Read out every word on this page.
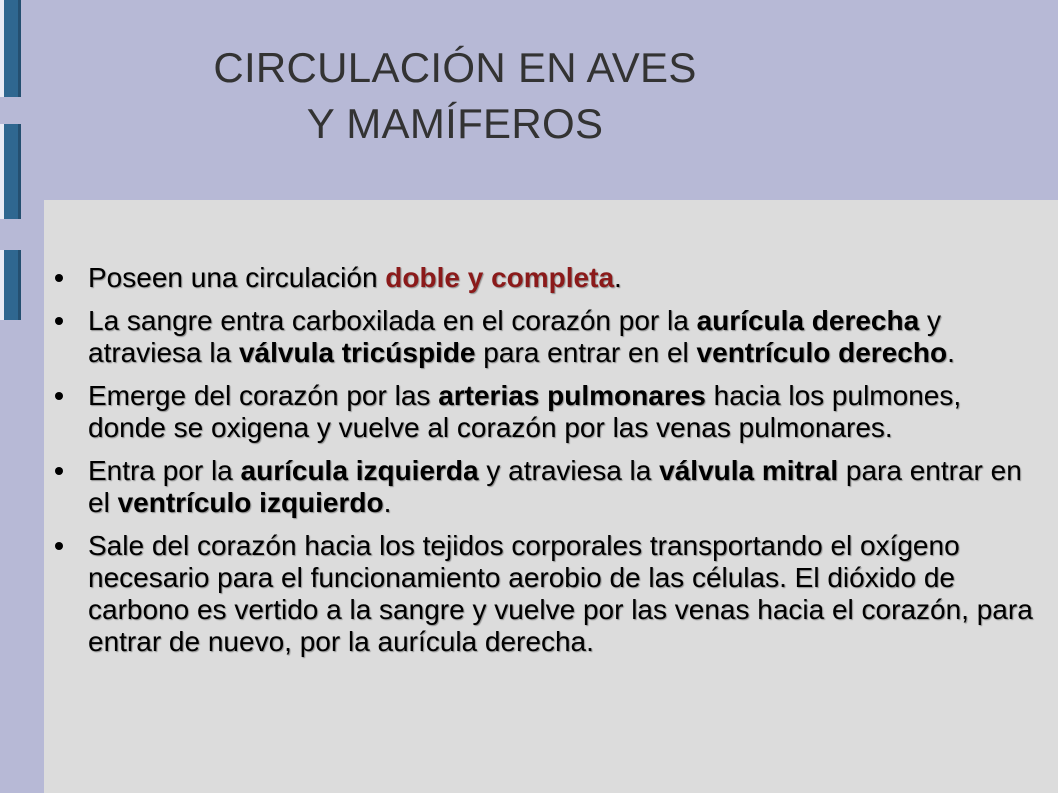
CIRCULACIÓN EN AVES
Y MAMÍFEROS
Poseen una circulación doble y completa.
La sangre entra carboxilada en el corazón por la aurícula derecha y atraviesa la válvula tricúspide para entrar en el ventrículo derecho.
Emerge del corazón por las arterias pulmonares hacia los pulmones, donde se oxigena y vuelve al corazón por las venas pulmonares.
Entra por la aurícula izquierda y atraviesa la válvula mitral para entrar en el ventrículo izquierdo.
Sale del corazón hacia los tejidos corporales transportando el oxígeno necesario para el funcionamiento aerobio de las células. El dióxido de carbono es vertido a la sangre y vuelve por las venas hacia el corazón, para entrar de nuevo, por la aurícula derecha.
